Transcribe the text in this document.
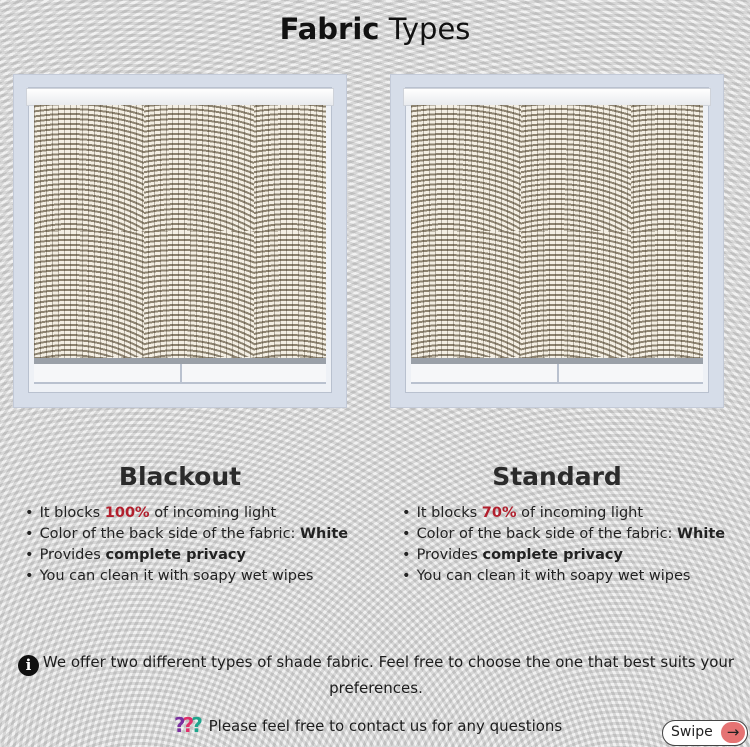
Fabric Types
Blackout
• It blocks 100% of incoming light
• Color of the back side of the fabric: White
• Provides complete privacy
• You can clean it with soapy wet wipes
Standard
• It blocks 70% of incoming light
• Color of the back side of the fabric: White
• Provides complete privacy
• You can clean it with soapy wet wipes
i We offer two different types of shade fabric. Feel free to choose the one that best suits your preferences.
??? Please feel free to contact us for any questions	Swipe →
